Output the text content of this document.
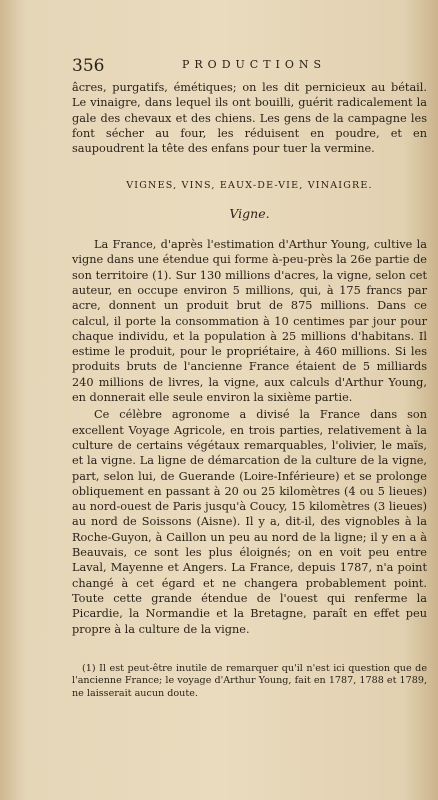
356	PRODUCTIONS

âcres, purgatifs, émétiques; on les dit pernicieux au bétail. Le vinaigre, dans lequel ils ont bouilli, guérit radicalement la gale des chevaux et des chiens. Les gens de la campagne les font sécher au four, les réduisent en poudre, et en saupoudrent la tête des enfans pour tuer la vermine.

VIGNES, VINS, EAUX-DE-VIE, VINAIGRE.
Vigne.

La France, d'après l'estimation d'Arthur Young, cultive la vigne dans une étendue qui forme à-peu-près la 26e partie de son territoire (1). Sur 130 millions d'acres, la vigne, selon cet auteur, en occupe environ 5 millions, qui, à 175 francs par acre, donnent un produit brut de 875 millions. Dans ce calcul, il porte la consommation à 10 centimes par jour pour chaque individu, et la population à 25 millions d'habitans. Il estime le produit, pour le propriétaire, à 460 millions. Si les produits bruts de l'ancienne France étaient de 5 milliards 240 millions de livres, la vigne, aux calculs d'Arthur Young, en donnerait elle seule environ la sixième partie.

Ce célèbre agronome a divisé la France dans son excellent Voyage Agricole, en trois parties, relativement à la culture de certains végétaux remarquables, l'olivier, le maïs, et la vigne. La ligne de démarcation de la culture de la vigne, part, selon lui, de Guerande (Loire-Inférieure) et se prolonge obliquement en passant à 20 ou 25 kilomètres (4 ou 5 lieues) au nord-ouest de Paris jusqu'à Coucy, 15 kilomètres (3 lieues) au nord de Soissons (Aisne). Il y a, dit-il, des vignobles à la Roche-Guyon, à Caillon un peu au nord de la ligne; il y en a à Beauvais, ce sont les plus éloignés; on en voit peu entre Laval, Mayenne et Angers. La France, depuis 1787, n'a point changé à cet égard et ne changera probablement point. Toute cette grande étendue de l'ouest qui renferme la Picardie, la Normandie et la Bretagne, paraît en effet peu propre à la culture de la vigne.

(1) Il est peut-être inutile de remarquer qu'il n'est ici question que de l'ancienne France; le voyage d'Arthur Young, fait en 1787, 1788 et 1789, ne laisserait aucun doute.
